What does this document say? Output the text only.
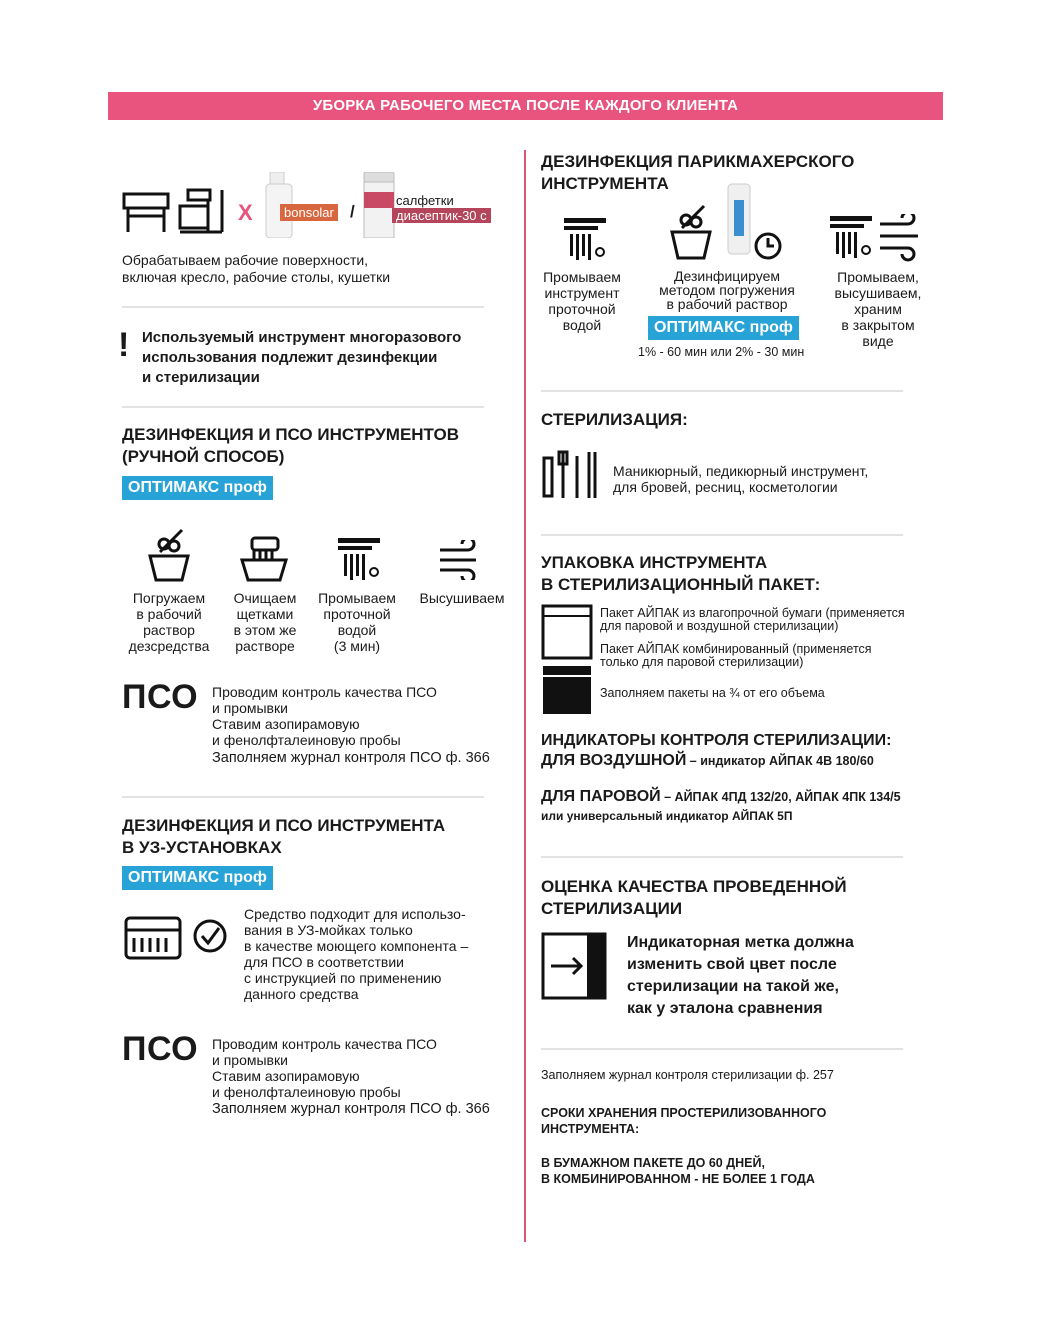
УБОРКА РАБОЧЕГО МЕСТА ПОСЛЕ КАЖДОГО КЛИЕНТА
X	bonsolar /
салфетки
диасептик-30 с
Обрабатываем рабочие поверхности,
включая кресло, рабочие столы, кушетки
! Используемый инструмент многоразового
использования подлежит дезинфекции
и стерилизации
ДЕЗИНФЕКЦИЯ И ПСО ИНСТРУМЕНТОВ
(РУЧНОЙ СПОСОБ)
ОПТИМАКС проф
Погружаем
в рабочий
раствор
дезсредства
Очищаем
щетками
в этом же
растворе
Промываем
проточной
водой
(3 мин)
Высушиваем
ПСО Проводим контроль качества ПСО
и промывки
Ставим азопирамовую
и фенолфталеиновую пробы
Заполняем журнал контроля ПСО ф. 366
ДЕЗИНФЕКЦИЯ И ПСО ИНСТРУМЕНТА
В УЗ-УСТАНОВКАХ
ОПТИМАКС проф
Средство подходит для использо-
вания в УЗ-мойках только
в качестве моющего компонента –
для ПСО в соответствии
с инструкцией по применению
данного средства
ПСО Проводим контроль качества ПСО
и промывки
Ставим азопирамовую
и фенолфталеиновую пробы
Заполняем журнал контроля ПСО ф. 366
ДЕЗИНФЕКЦИЯ ПАРИКМАХЕРСКОГО
ИНСТРУМЕНТА
Промываем
инструмент
проточной
водой
Дезинфицируем
методом погружения
в рабочий раствор
ОПТИМАКС проф
1% - 60 мин или 2% - 30 мин
Промываем,
высушиваем,
храним
в закрытом
виде
СТЕРИЛИЗАЦИЯ:
Маникюрный, педикюрный инструмент,
для бровей, ресниц, косметологии
УПАКОВКА ИНСТРУМЕНТА
В СТЕРИЛИЗАЦИОННЫЙ ПАКЕТ:
Пакет АЙПАК из влагопрочной бумаги (применяется
для паровой и воздушной стерилизации)
Пакет АЙПАК комбинированный (применяется
только для паровой стерилизации)
Заполняем пакеты на ¾ от его объема
ИНДИКАТОРЫ КОНТРОЛЯ СТЕРИЛИЗАЦИИ:
ДЛЯ ВОЗДУШНОЙ – индикатор АЙПАК 4В 180/60
ДЛЯ ПАРОВОЙ – АЙПАК 4ПД 132/20, АЙПАК 4ПК 134/5
или универсальный индикатор АЙПАК 5П
ОЦЕНКА КАЧЕСТВА ПРОВЕДЕННОЙ
СТЕРИЛИЗАЦИИ
Индикаторная метка должна
изменить свой цвет после
стерилизации на такой же,
как у эталона сравнения
Заполняем журнал контроля стерилизации ф. 257
СРОКИ ХРАНЕНИЯ ПРОСТЕРИЛИЗОВАННОГО
ИНСТРУМЕНТА:
В БУМАЖНОМ ПАКЕТЕ ДО 60 ДНЕЙ,
В КОМБИНИРОВАННОМ - НЕ БОЛЕЕ 1 ГОДА
